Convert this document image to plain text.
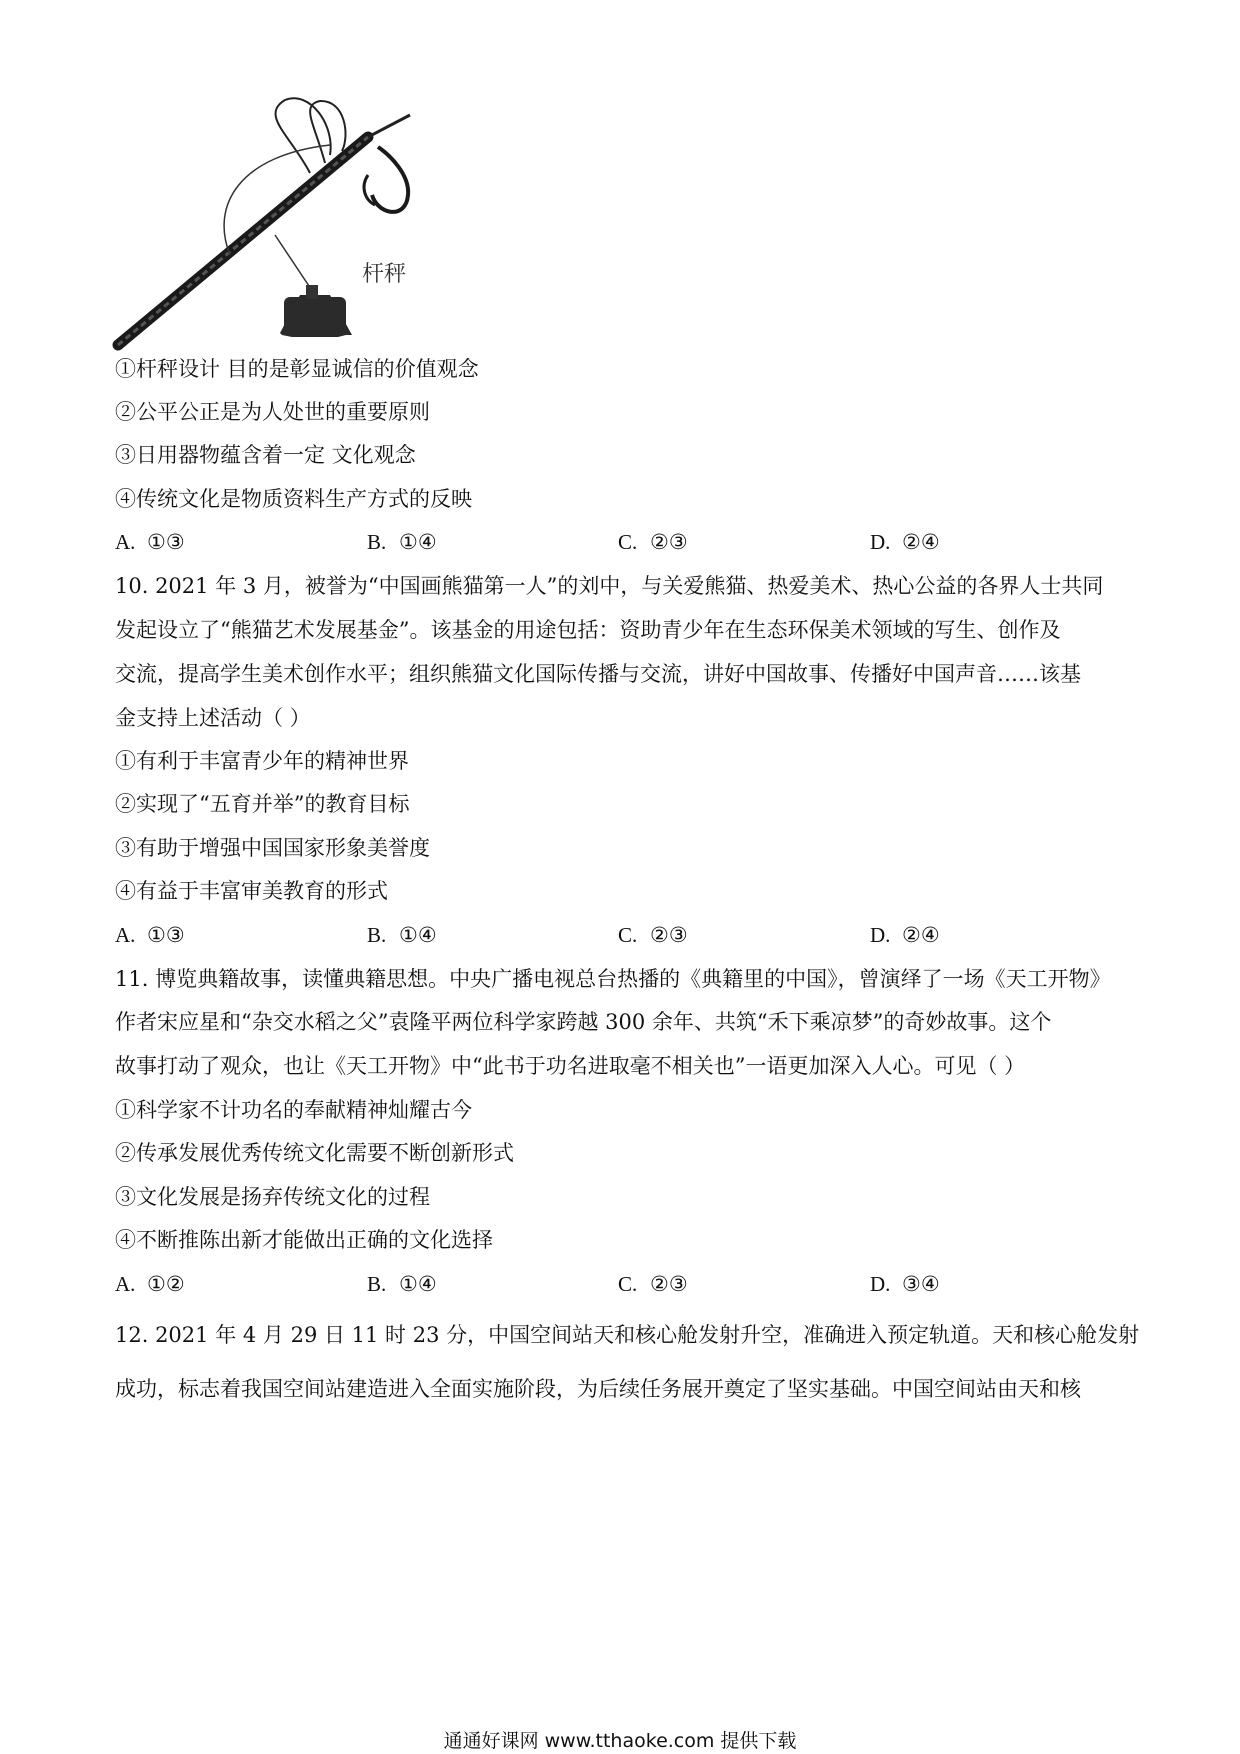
杆秤
①杆秤设计 目的是彰显诚信的价值观念
②公平公正是为人处世的重要原则
③日用器物蕴含着一定 文化观念
④传统文化是物质资料生产方式的反映
A. ①③	B. ①④	C. ②③	D. ②④
10. 2021 年 3 月，被誉为“中国画熊猫第一人”的刘中，与关爱熊猫、热爱美术、热心公益的各界人士共同
发起设立了“熊猫艺术发展基金”。该基金的用途包括：资助青少年在生态环保美术领域的写生、创作及
交流，提高学生美术创作水平；组织熊猫文化国际传播与交流，讲好中国故事、传播好中国声音……该基
金支持上述活动（ ）
①有利于丰富青少年的精神世界
②实现了“五育并举”的教育目标
③有助于增强中国国家形象美誉度
④有益于丰富审美教育的形式
A. ①③	B. ①④	C. ②③	D. ②④
11. 博览典籍故事，读懂典籍思想。中央广播电视总台热播的《典籍里的中国》，曾演绎了一场《天工开物》
作者宋应星和“杂交水稻之父”袁隆平两位科学家跨越 300 余年、共筑“禾下乘凉梦”的奇妙故事。这个
故事打动了观众，也让《天工开物》中“此书于功名进取毫不相关也”一语更加深入人心。可见（ ）
①科学家不计功名的奉献精神灿耀古今
②传承发展优秀传统文化需要不断创新形式
③文化发展是扬弃传统文化的过程
④不断推陈出新才能做出正确的文化选择
A. ①②	B. ①④	C. ②③	D. ③④
12. 2021 年 4 月 29 日 11 时 23 分，中国空间站天和核心舱发射升空，准确进入预定轨道。天和核心舱发射
成功，标志着我国空间站建造进入全面实施阶段，为后续任务展开奠定了坚实基础。中国空间站由天和核
通通好课网 www.tthaoke.com 提供下载
